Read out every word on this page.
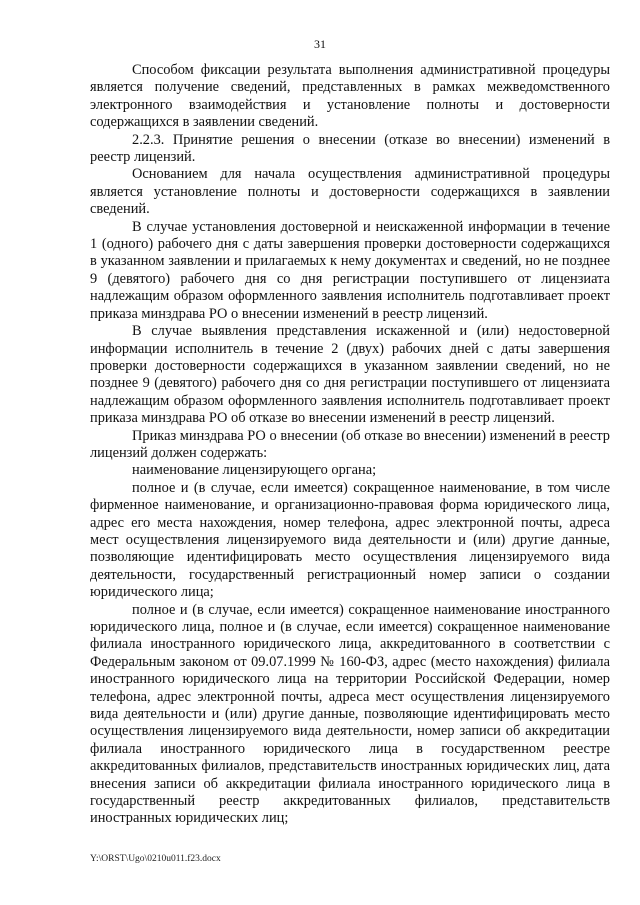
31

Способом фиксации результата выполнения административной процедуры является получение сведений, представленных в рамках межведомственного электронного взаимодействия и установление полноты и достоверности содержащихся в заявлении сведений.

2.2.3. Принятие решения о внесении (отказе во внесении) изменений в реестр лицензий.

Основанием для начала осуществления административной процедуры является установление полноты и достоверности содержащихся в заявлении сведений.

В случае установления достоверной и неискаженной информации в течение 1 (одного) рабочего дня с даты завершения проверки достоверности содержащихся в указанном заявлении и прилагаемых к нему документах и сведений, но не позднее 9 (девятого) рабочего дня со дня регистрации поступившего от лицензиата надлежащим образом оформленного заявления исполнитель подготавливает проект приказа минздрава РО о внесении изменений в реестр лицензий.

В случае выявления представления искаженной и (или) недостоверной информации исполнитель в течение 2 (двух) рабочих дней с даты завершения проверки достоверности содержащихся в указанном заявлении сведений, но не позднее 9 (девятого) рабочего дня со дня регистрации поступившего от лицензиата надлежащим образом оформленного заявления исполнитель подготавливает проект приказа минздрава РО об отказе во внесении изменений в реестр лицензий.

Приказ минздрава РО о внесении (об отказе во внесении) изменений в реестр лицензий должен содержать:

наименование лицензирующего органа;

полное и (в случае, если имеется) сокращенное наименование, в том числе фирменное наименование, и организационно-правовая форма юридического лица, адрес его места нахождения, номер телефона, адрес электронной почты, адреса мест осуществления лицензируемого вида деятельности и (или) другие данные, позволяющие идентифицировать место осуществления лицензируемого вида деятельности, государственный регистрационный номер записи о создании юридического лица;

полное и (в случае, если имеется) сокращенное наименование иностранного юридического лица, полное и (в случае, если имеется) сокращенное наименование филиала иностранного юридического лица, аккредитованного в соответствии с Федеральным законом от 09.07.1999 № 160-ФЗ, адрес (место нахождения) филиала иностранного юридического лица на территории Российской Федерации, номер телефона, адрес электронной почты, адреса мест осуществления лицензируемого вида деятельности и (или) другие данные, позволяющие идентифицировать место осуществления лицензируемого вида деятельности, номер записи об аккредитации филиала иностранного юридического лица в государственном реестре аккредитованных филиалов, представительств иностранных юридических лиц, дата внесения записи об аккредитации филиала иностранного юридического лица в государственный реестр аккредитованных филиалов, представительств иностранных юридических лиц;

Y:\ORST\Ugo\0210u011.f23.docx
